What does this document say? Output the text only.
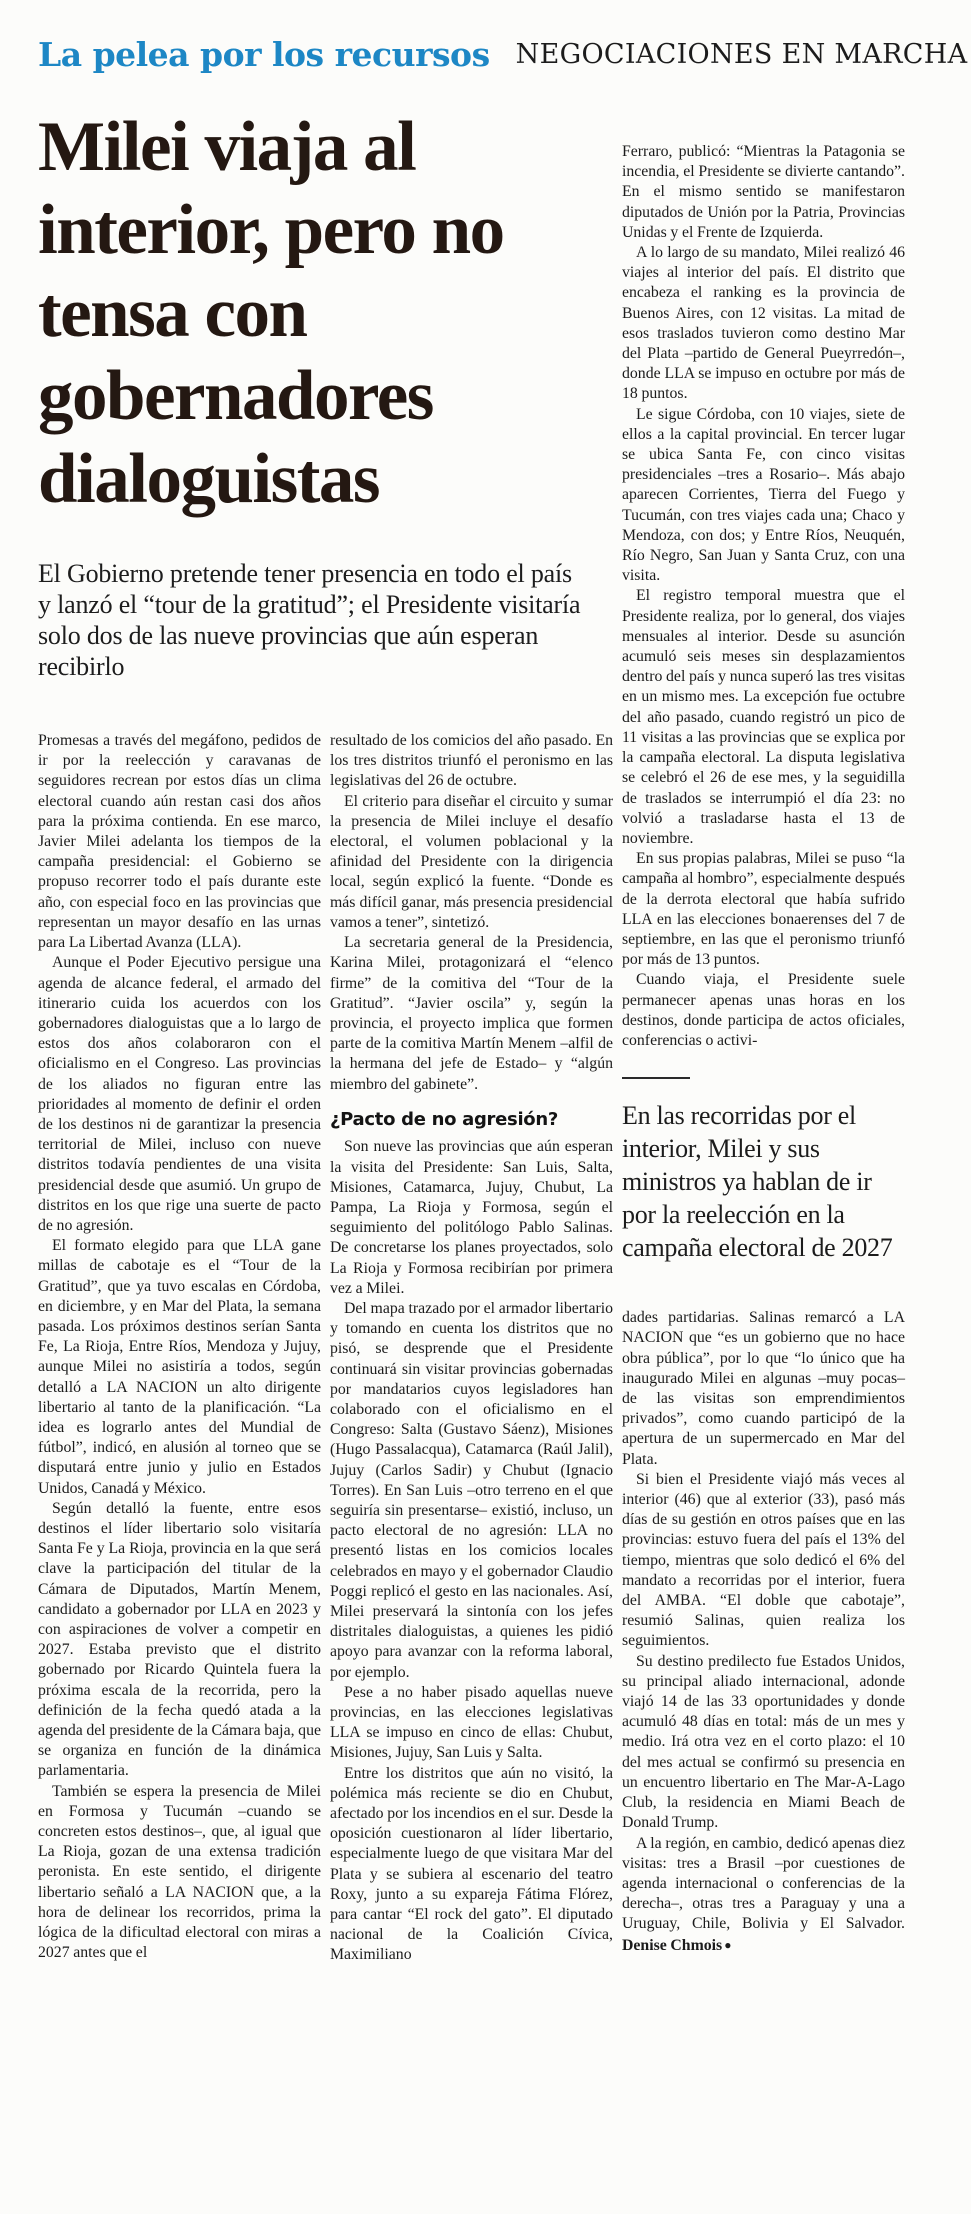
La pelea por los recursos NEGOCIACIONES EN MARCHA
Milei viaja al interior, pero no tensa con gobernadores dialoguistas

El Gobierno pretende tener presencia en todo el país y lanzó el “tour de la gratitud”; el Presidente visitaría solo dos de las nueve provincias que aún esperan recibirlo

Promesas a través del megáfono, pedidos de ir por la reelección y caravanas de seguidores recrean por estos días un clima electoral cuando aún restan casi dos años para la próxima contienda. En ese marco, Javier Milei adelanta los tiempos de la campaña presidencial: el Gobierno se propuso recorrer todo el país durante este año, con especial foco en las provincias que representan un mayor desafío en las urnas para La Libertad Avanza (LLA).

Aunque el Poder Ejecutivo persigue una agenda de alcance federal, el armado del itinerario cuida los acuerdos con los gobernadores dialoguistas que a lo largo de estos dos años colaboraron con el oficialismo en el Congreso. Las provincias de los aliados no figuran entre las prioridades al momento de definir el orden de los destinos ni de garantizar la presencia territorial de Milei, incluso con nueve distritos todavía pendientes de una visita presidencial desde que asumió. Un grupo de distritos en los que rige una suerte de pacto de no agresión.

El formato elegido para que LLA gane millas de cabotaje es el “Tour de la Gratitud”, que ya tuvo escalas en Córdoba, en diciembre, y en Mar del Plata, la semana pasada. Los próximos destinos serían Santa Fe, La Rioja, Entre Ríos, Mendoza y Jujuy, aunque Milei no asistiría a todos, según detalló a LA NACION un alto dirigente libertario al tanto de la planificación. “La idea es lograrlo antes del Mundial de fútbol”, indicó, en alusión al torneo que se disputará entre junio y julio en Estados Unidos, Canadá y México.

Según detalló la fuente, entre esos destinos el líder libertario solo visitaría Santa Fe y La Rioja, provincia en la que será clave la participación del titular de la Cámara de Diputados, Martín Menem, candidato a gobernador por LLA en 2023 y con aspiraciones de volver a competir en 2027. Estaba previsto que el distrito gobernado por Ricardo Quintela fuera la próxima escala de la recorrida, pero la definición de la fecha quedó atada a la agenda del presidente de la Cámara baja, que se organiza en función de la dinámica parlamentaria.

También se espera la presencia de Milei en Formosa y Tucumán –cuando se concreten estos destinos–, que, al igual que La Rioja, gozan de una extensa tradición peronista. En este sentido, el dirigente libertario señaló a LA NACION que, a la hora de delinear los recorridos, prima la lógica de la dificultad electoral con miras a 2027 antes que el

resultado de los comicios del año pasado. En los tres distritos triunfó el peronismo en las legislativas del 26 de octubre.

El criterio para diseñar el circuito y sumar la presencia de Milei incluye el desafío electoral, el volumen poblacional y la afinidad del Presidente con la dirigencia local, según explicó la fuente. “Donde es más difícil ganar, más presencia presidencial vamos a tener”, sintetizó.

La secretaria general de la Presidencia, Karina Milei, protagonizará el “elenco firme” de la comitiva del “Tour de la Gratitud”. “Javier oscila” y, según la provincia, el proyecto implica que formen parte de la comitiva Martín Menem –alfil de la hermana del jefe de Estado– y “algún miembro del gabinete”.

¿Pacto de no agresión?

Son nueve las provincias que aún esperan la visita del Presidente: San Luis, Salta, Misiones, Catamarca, Jujuy, Chubut, La Pampa, La Rioja y Formosa, según el seguimiento del politólogo Pablo Salinas. De concretarse los planes proyectados, solo La Rioja y Formosa recibirían por primera vez a Milei.

Del mapa trazado por el armador libertario y tomando en cuenta los distritos que no pisó, se desprende que el Presidente continuará sin visitar provincias gobernadas por mandatarios cuyos legisladores han colaborado con el oficialismo en el Congreso: Salta (Gustavo Sáenz), Misiones (Hugo Passalacqua), Catamarca (Raúl Jalil), Jujuy (Carlos Sadir) y Chubut (Ignacio Torres). En San Luis –otro terreno en el que seguiría sin presentarse– existió, incluso, un pacto electoral de no agresión: LLA no presentó listas en los comicios locales celebrados en mayo y el gobernador Claudio Poggi replicó el gesto en las nacionales. Así, Milei preservará la sintonía con los jefes distritales dialoguistas, a quienes les pidió apoyo para avanzar con la reforma laboral, por ejemplo.

Pese a no haber pisado aquellas nueve provincias, en las elecciones legislativas LLA se impuso en cinco de ellas: Chubut, Misiones, Jujuy, San Luis y Salta.

Entre los distritos que aún no visitó, la polémica más reciente se dio en Chubut, afectado por los incendios en el sur. Desde la oposición cuestionaron al líder libertario, especialmente luego de que visitara Mar del Plata y se subiera al escenario del teatro Roxy, junto a su expareja Fátima Flórez, para cantar “El rock del gato”. El diputado nacional de la Coalición Cívica, Maximiliano

Ferraro, publicó: “Mientras la Patagonia se incendia, el Presidente se divierte cantando”. En el mismo sentido se manifestaron diputados de Unión por la Patria, Provincias Unidas y el Frente de Izquierda.

A lo largo de su mandato, Milei realizó 46 viajes al interior del país. El distrito que encabeza el ranking es la provincia de Buenos Aires, con 12 visitas. La mitad de esos traslados tuvieron como destino Mar del Plata –partido de General Pueyrredón–, donde LLA se impuso en octubre por más de 18 puntos.

Le sigue Córdoba, con 10 viajes, siete de ellos a la capital provincial. En tercer lugar se ubica Santa Fe, con cinco visitas presidenciales –tres a Rosario–. Más abajo aparecen Corrientes, Tierra del Fuego y Tucumán, con tres viajes cada una; Chaco y Mendoza, con dos; y Entre Ríos, Neuquén, Río Negro, San Juan y Santa Cruz, con una visita.

El registro temporal muestra que el Presidente realiza, por lo general, dos viajes mensuales al interior. Desde su asunción acumuló seis meses sin desplazamientos dentro del país y nunca superó las tres visitas en un mismo mes. La excepción fue octubre del año pasado, cuando registró un pico de 11 visitas a las provincias que se explica por la campaña electoral. La disputa legislativa se celebró el 26 de ese mes, y la seguidilla de traslados se interrumpió el día 23: no volvió a trasladarse hasta el 13 de noviembre.

En sus propias palabras, Milei se puso “la campaña al hombro”, especialmente después de la derrota electoral que había sufrido LLA en las elecciones bonaerenses del 7 de septiembre, en las que el peronismo triunfó por más de 13 puntos.

Cuando viaja, el Presidente suele permanecer apenas unas horas en los destinos, donde participa de actos oficiales, conferencias o activi-

En las recorridas por el interior, Milei y sus ministros ya hablan de ir por la reelección en la campaña electoral de 2027

dades partidarias. Salinas remarcó a LA NACION que “es un gobierno que no hace obra pública”, por lo que “lo único que ha inaugurado Milei en algunas –muy pocas– de las visitas son emprendimientos privados”, como cuando participó de la apertura de un supermercado en Mar del Plata.

Si bien el Presidente viajó más veces al interior (46) que al exterior (33), pasó más días de su gestión en otros países que en las provincias: estuvo fuera del país el 13% del tiempo, mientras que solo dedicó el 6% del mandato a recorridas por el interior, fuera del AMBA. “El doble que cabotaje”, resumió Salinas, quien realiza los seguimientos.

Su destino predilecto fue Estados Unidos, su principal aliado internacional, adonde viajó 14 de las 33 oportunidades y donde acumuló 48 días en total: más de un mes y medio. Irá otra vez en el corto plazo: el 10 del mes actual se confirmó su presencia en un encuentro libertario en The Mar-A-Lago Club, la residencia en Miami Beach de Donald Trump.

A la región, en cambio, dedicó apenas diez visitas: tres a Brasil –por cuestiones de agenda internacional o conferencias de la derecha–, otras tres a Paraguay y una a Uruguay, Chile, Bolivia y El Salvador. Denise Chmois ●
